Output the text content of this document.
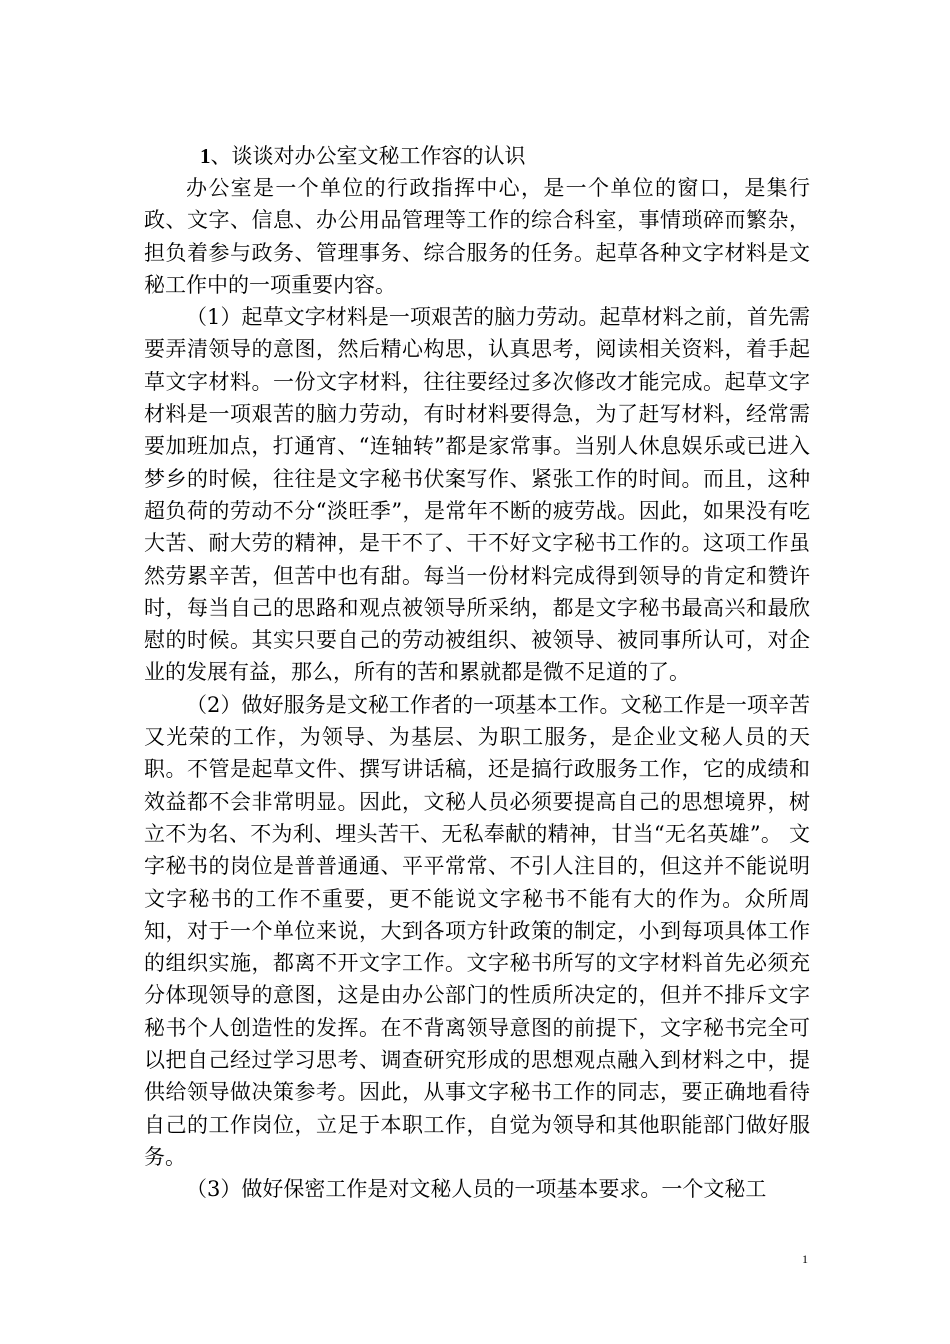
1、谈谈对办公室文秘工作容的认识

办公室是一个单位的行政指挥中心，是一个单位的窗口，是集行政、文字、信息、办公用品管理等工作的综合科室，事情琐碎而繁杂，担负着参与政务、管理事务、综合服务的任务。起草各种文字材料是文秘工作中的一项重要内容。

（1）起草文字材料是一项艰苦的脑力劳动。起草材料之前，首先需要弄清领导的意图，然后精心构思，认真思考，阅读相关资料，着手起草文字材料。一份文字材料，往往要经过多次修改才能完成。起草文字材料是一项艰苦的脑力劳动，有时材料要得急，为了赶写材料，经常需要加班加点，打通宵、“连轴转”都是家常事。当别人休息娱乐或已进入梦乡的时候，往往是文字秘书伏案写作、紧张工作的时间。而且，这种超负荷的劳动不分“淡旺季”，是常年不断的疲劳战。因此，如果没有吃大苦、耐大劳的精神，是干不了、干不好文字秘书工作的。这项工作虽然劳累辛苦，但苦中也有甜。每当一份材料完成得到领导的肯定和赞许时，每当自己的思路和观点被领导所采纳，都是文字秘书最高兴和最欣慰的时候。其实只要自己的劳动被组织、被领导、被同事所认可，对企业的发展有益，那么，所有的苦和累就都是微不足道的了。

（2）做好服务是文秘工作者的一项基本工作。文秘工作是一项辛苦又光荣的工作，为领导、为基层、为职工服务，是企业文秘人员的天职。不管是起草文件、撰写讲话稿，还是搞行政服务工作，它的成绩和效益都不会非常明显。因此，文秘人员必须要提高自己的思想境界，树立不为名、不为利、埋头苦干、无私奉献的精神，甘当“无名英雄”。 文字秘书的岗位是普普通通、平平常常、不引人注目的，但这并不能说明文字秘书的工作不重要，更不能说文字秘书不能有大的作为。众所周知，对于一个单位来说，大到各项方针政策的制定，小到每项具体工作的组织实施，都离不开文字工作。文字秘书所写的文字材料首先必须充分体现领导的意图，这是由办公部门的性质所决定的，但并不排斥文字秘书个人创造性的发挥。在不背离领导意图的前提下，文字秘书完全可以把自己经过学习思考、调查研究形成的思想观点融入到材料之中，提供给领导做决策参考。因此，从事文字秘书工作的同志，要正确地看待自己的工作岗位，立足于本职工作，自觉为领导和其他职能部门做好服务。

（3）做好保密工作是对文秘人员的一项基本要求。一个文秘工

1
